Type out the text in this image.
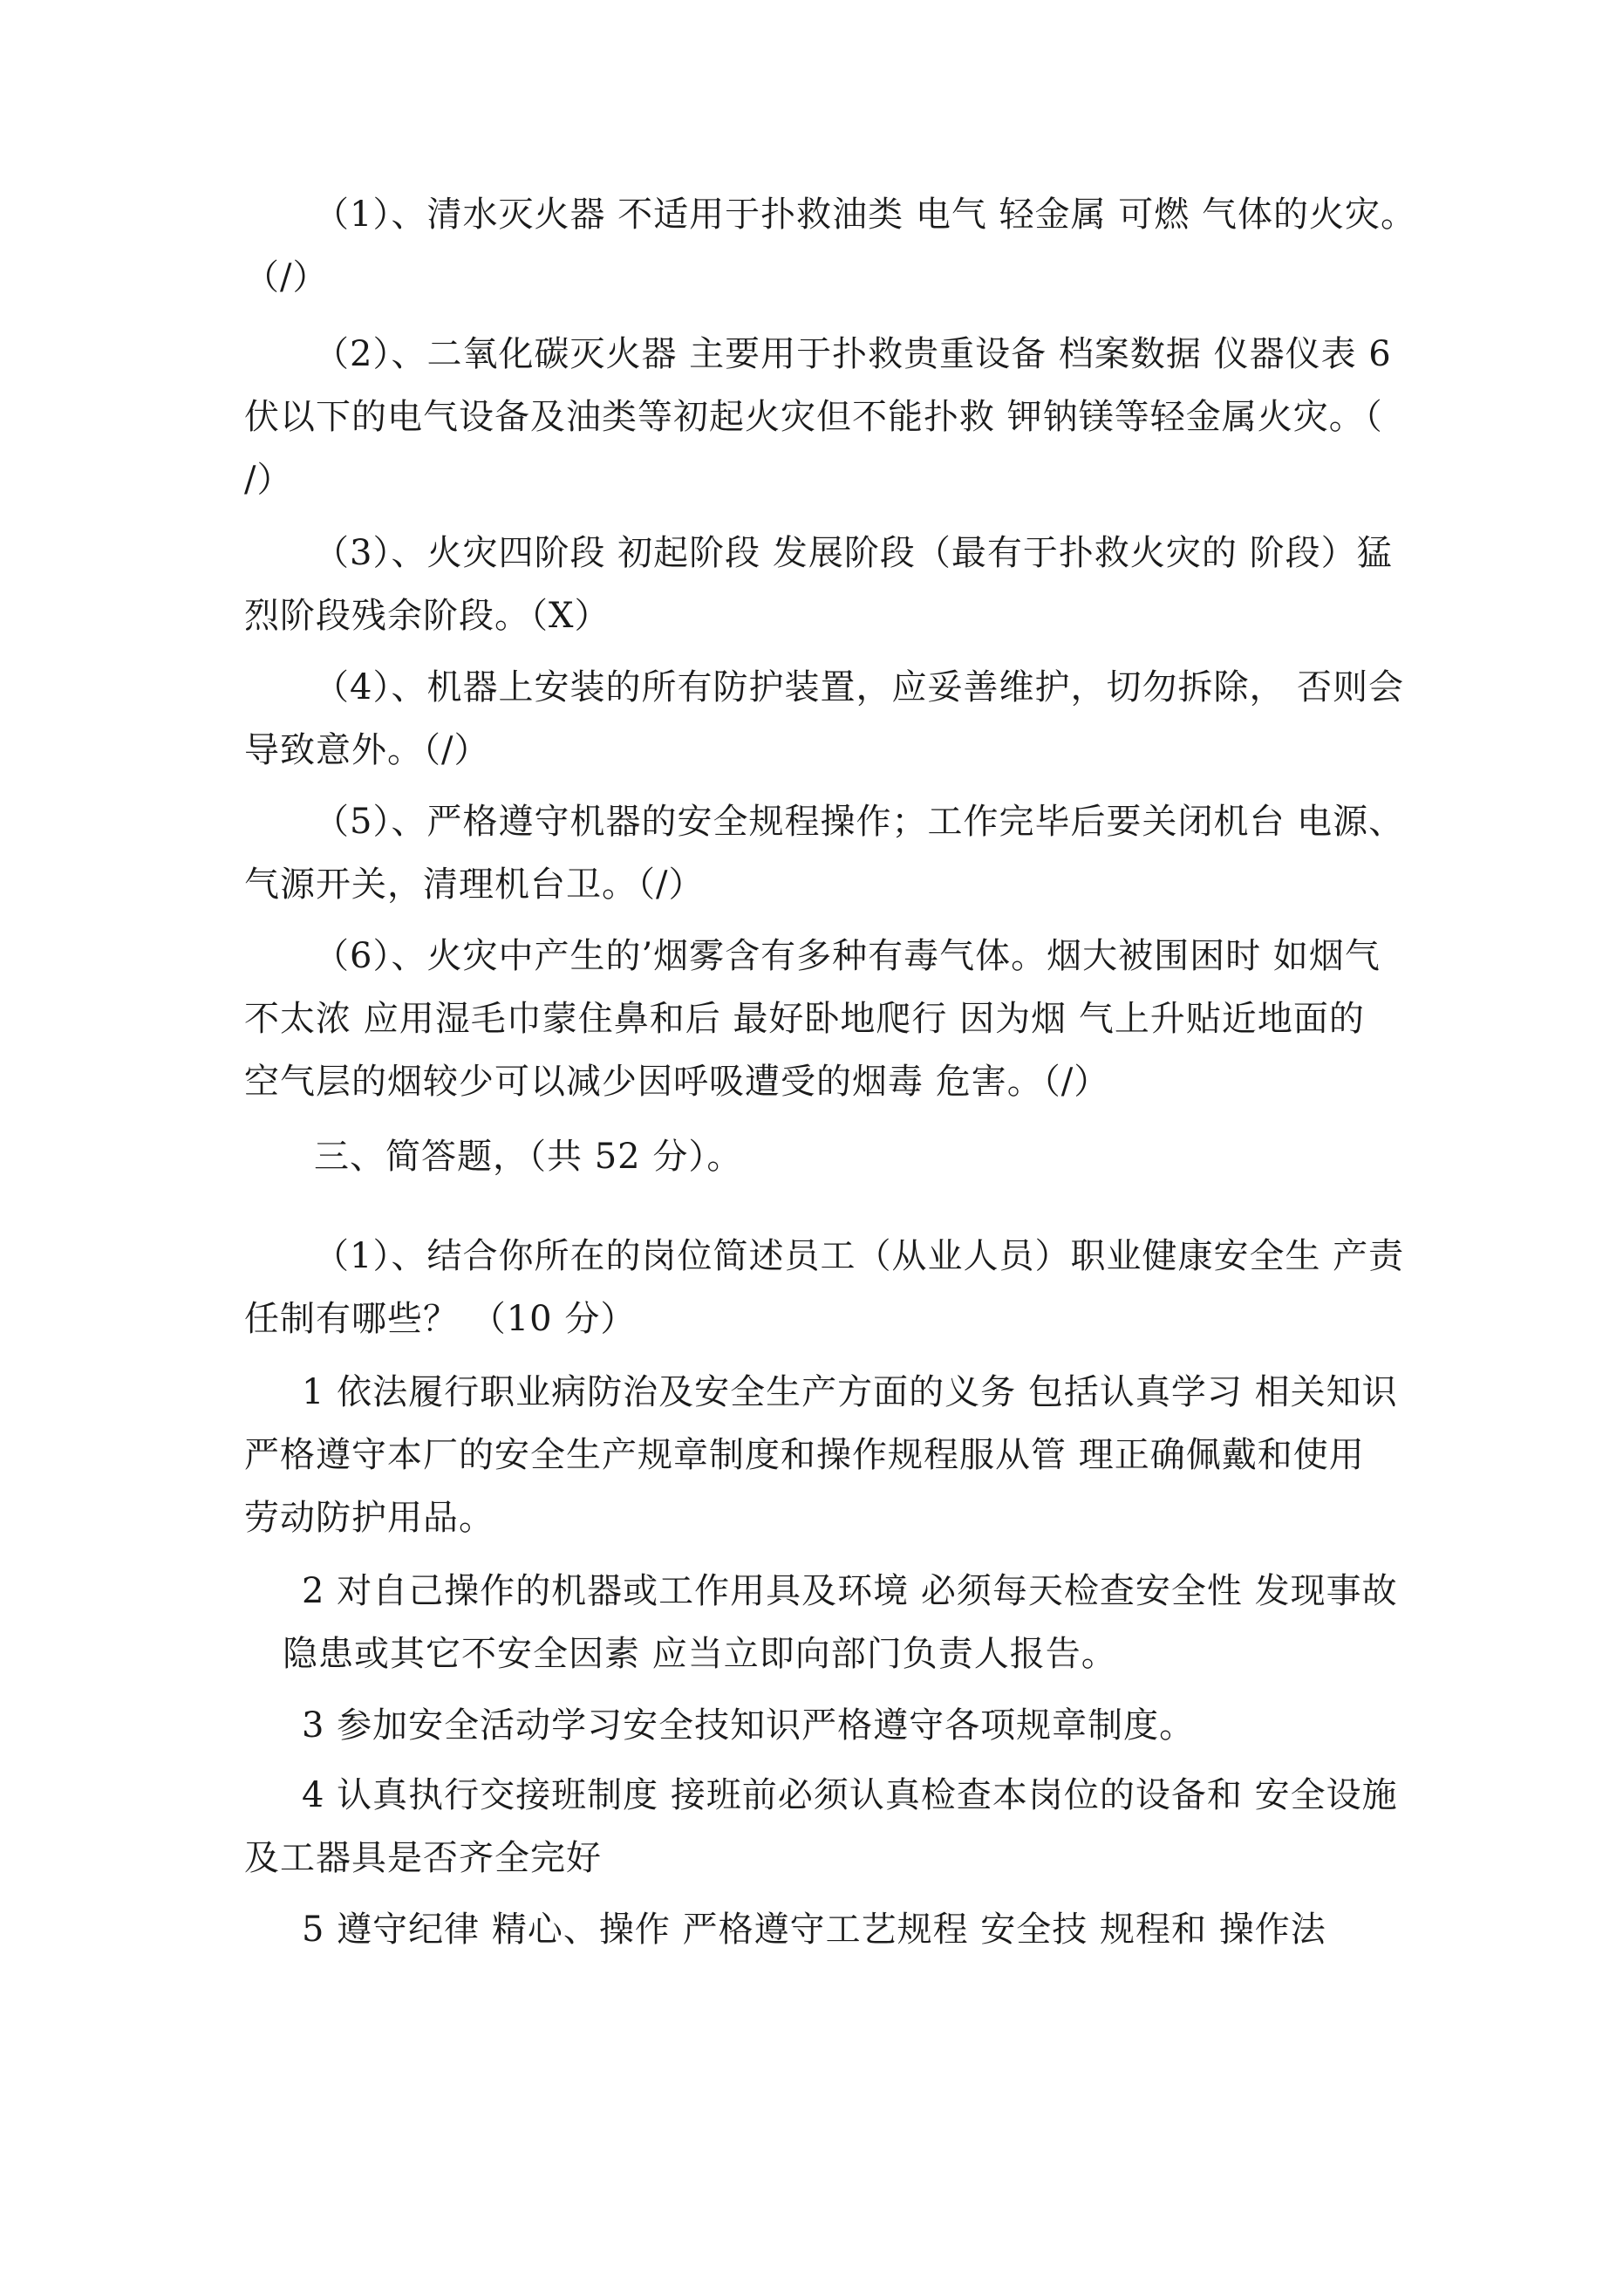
（1）、清水灭火器 不适用于扑救油类 电气 轻金属 可燃 气体的火灾。
（/）
（2）、二氧化碳灭火器 主要用于扑救贵重设备 档案数据 仪器仪表 6
伏以下的电气设备及油类等初起火灾但不能扑救 钾钠镁等轻金属火灾。（
/）
（3）、火灾四阶段 初起阶段 发展阶段（最有于扑救火灾的 阶段）猛
烈阶段残余阶段。（X）
（4）、机器上安装的所有防护装置，应妥善维护，切勿拆除， 否则会
导致意外。（/）
（5）、严格遵守机器的安全规程操作；工作完毕后要关闭机台 电源、
气源开关，清理机台卫。（/）
（6）、火灾中产生的’烟雾含有多种有毒气体。烟大被围困时 如烟气
不太浓 应用湿毛巾蒙住鼻和后 最好卧地爬行 因为烟 气上升贴近地面的
空气层的烟较少可以减少因呼吸遭受的烟毒 危害。（/）
三、简答题，（共 52 分）。
（1）、结合你所在的岗位简述员工（从业人员）职业健康安全生 产责
任制有哪些？ （10 分）
1 依法履行职业病防治及安全生产方面的义务 包括认真学习 相关知识
严格遵守本厂的安全生产规章制度和操作规程服从管 理正确佩戴和使用
劳动防护用品。
2 对自己操作的机器或工作用具及环境 必须每天检查安全性 发现事故
隐患或其它不安全因素 应当立即向部门负责人报告。
3 参加安全活动学习安全技知识严格遵守各项规章制度。
4 认真执行交接班制度 接班前必须认真检查本岗位的设备和 安全设施
及工器具是否齐全完好
5 遵守纪律 精心、操作 严格遵守工艺规程 安全技 规程和 操作法
